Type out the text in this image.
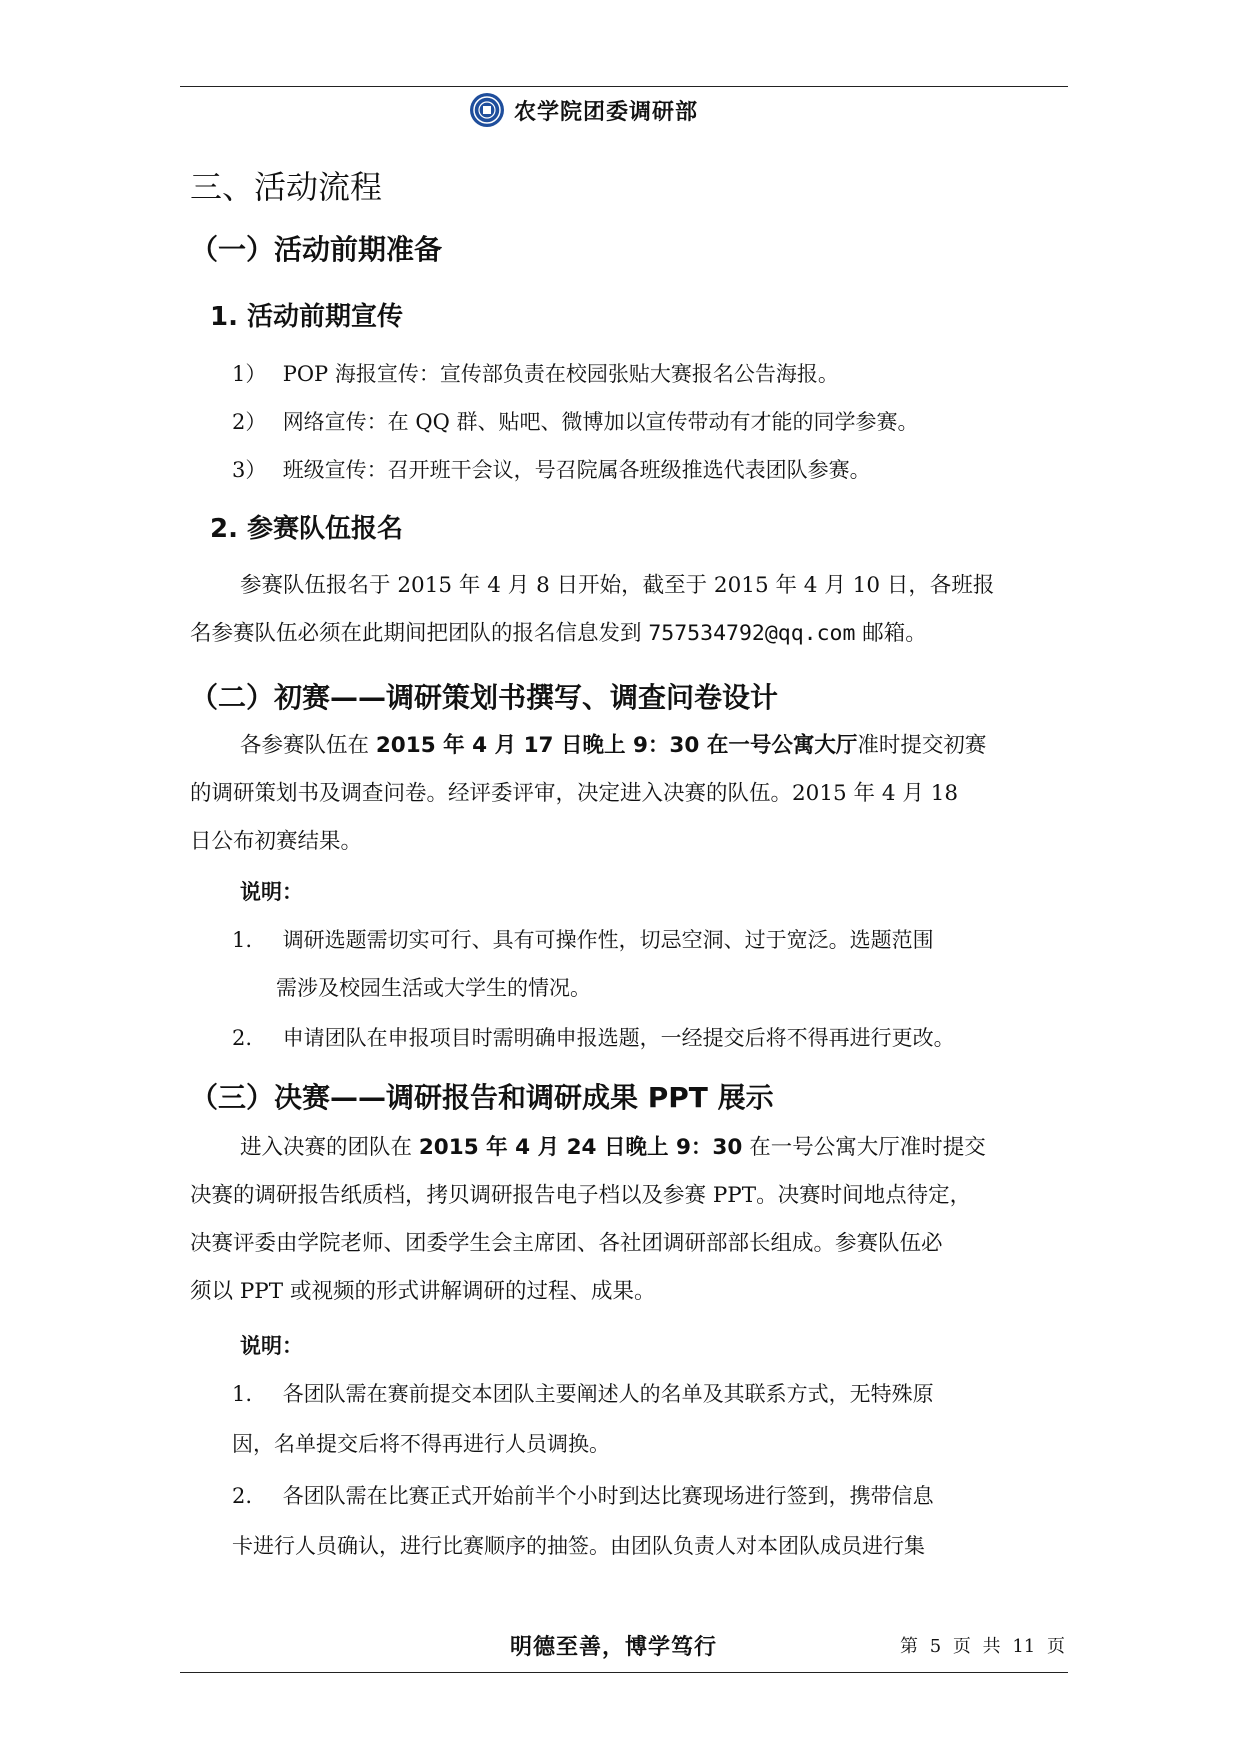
农学院团委调研部
三、活动流程
（一）活动前期准备
1. 活动前期宣传
1） POP 海报宣传：宣传部负责在校园张贴大赛报名公告海报。
2） 网络宣传：在 QQ 群、贴吧、微博加以宣传带动有才能的同学参赛。
3） 班级宣传：召开班干会议，号召院属各班级推选代表团队参赛。
2. 参赛队伍报名
参赛队伍报名于 2015 年 4 月 8 日开始，截至于 2015 年 4 月 10 日，各班报
名参赛队伍必须在此期间把团队的报名信息发到 757534792@qq.com 邮箱。
（二）初赛——调研策划书撰写、调查问卷设计
各参赛队伍在 2015 年 4 月 17 日晚上 9：30 在一号公寓大厅准时提交初赛
的调研策划书及调查问卷。经评委评审，决定进入决赛的队伍。2015 年 4 月 18
日公布初赛结果。
说明：
1. 调研选题需切实可行、具有可操作性，切忌空洞、过于宽泛。选题范围
需涉及校园生活或大学生的情况。
2. 申请团队在申报项目时需明确申报选题，一经提交后将不得再进行更改。
（三）决赛——调研报告和调研成果 PPT 展示
进入决赛的团队在 2015 年 4 月 24 日晚上 9：30 在一号公寓大厅准时提交
决赛的调研报告纸质档，拷贝调研报告电子档以及参赛 PPT。决赛时间地点待定，
决赛评委由学院老师、团委学生会主席团、各社团调研部部长组成。参赛队伍必
须以 PPT 或视频的形式讲解调研的过程、成果。
说明：
1. 各团队需在赛前提交本团队主要阐述人的名单及其联系方式，无特殊原
因，名单提交后将不得再进行人员调换。
2. 各团队需在比赛正式开始前半个小时到达比赛现场进行签到，携带信息
卡进行人员确认，进行比赛顺序的抽签。由团队负责人对本团队成员进行集
明德至善，博学笃行	第 5 页 共 11 页
